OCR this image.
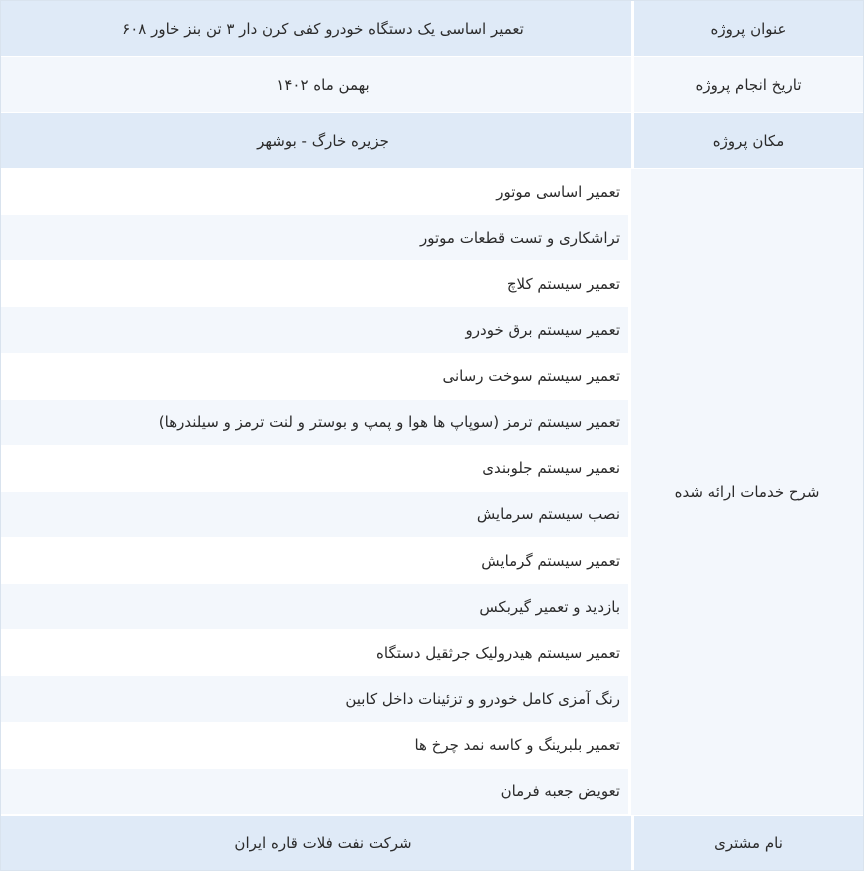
عنوان پروژه
تعمیر اساسی یک دستگاه خودرو کفی کرن دار ۳ تن بنز خاور ۶۰۸
تاریخ انجام پروژه
بهمن ماه ۱۴۰۲
مکان پروژه
جزیره خارگ - بوشهر
شرح خدمات ارائه شده
تعمیر اساسی موتور
تراشکاری و تست قطعات موتور
تعمیر سیستم کلاچ
تعمیر سیستم برق خودرو
تعمیر سیستم سوخت رسانی
تعمیر سیستم ترمز (سوپاپ ها هوا و پمپ و بوستر و لنت ترمز و سیلندرها)
نعمیر سیستم جلوبندی
نصب سیستم سرمایش
تعمیر سیستم گرمایش
بازدید و تعمیر گیربکس
تعمیر سیستم هیدرولیک جرثقیل دستگاه
رنگ آمزی کامل خودرو و تزئینات داخل کابین
تعمیر بلبرینگ و کاسه نمد چرخ ها
تعویض جعبه فرمان
نام مشتری
شرکت نفت فلات قاره ایران
